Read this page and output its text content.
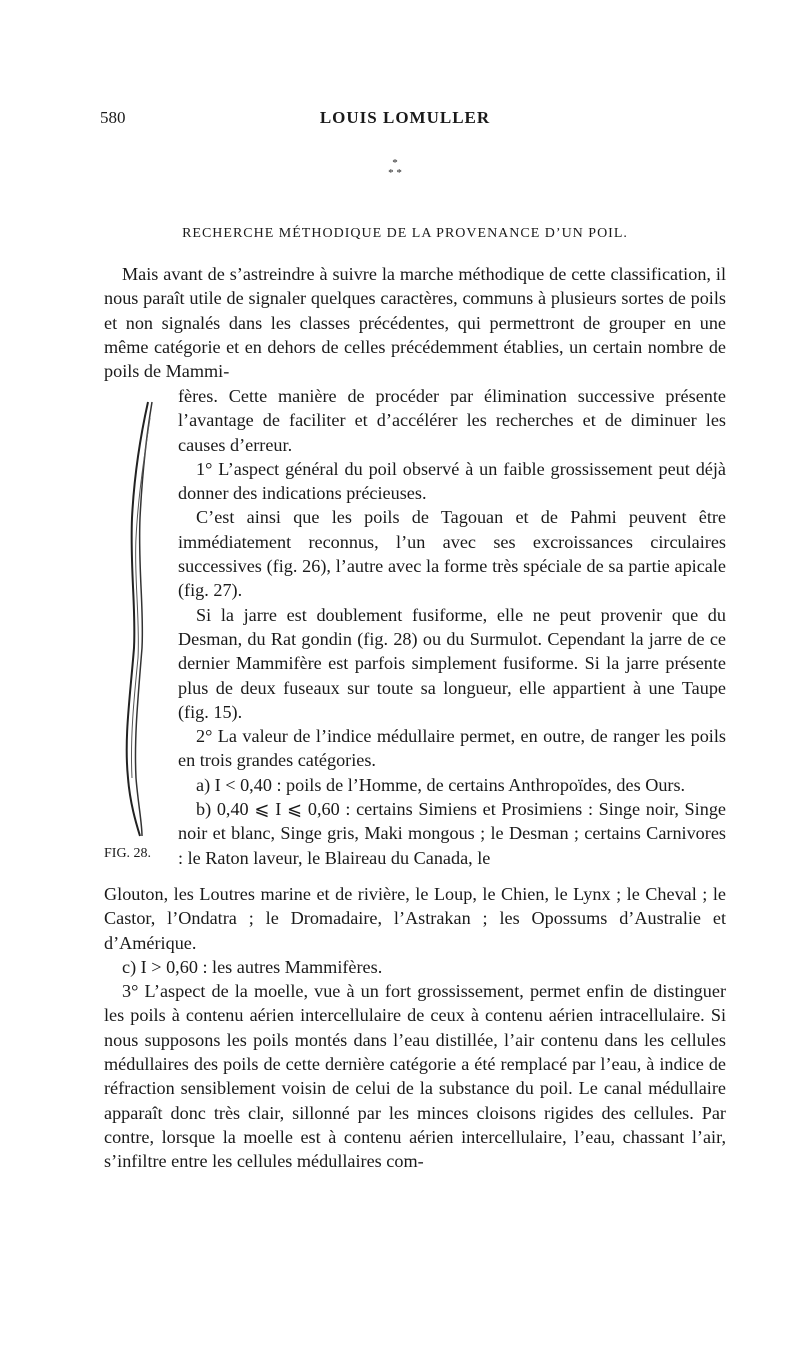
580	LOUIS LOMULLER
*
* *
RECHERCHE MÉTHODIQUE DE LA PROVENANCE D’UN POIL.

Mais avant de s’astreindre à suivre la marche méthodique de cette classification, il nous paraît utile de signaler quelques caractères, communs à plusieurs sortes de poils et non signalés dans les classes précédentes, qui permettront de grouper en une même catégorie et en dehors de celles précédemment établies, un certain nombre de poils de Mammi-

fères. Cette manière de procéder par élimination successive présente l’avantage de faciliter et d’accélérer les recherches et de diminuer les causes d’erreur.

1° L’aspect général du poil observé à un faible grossissement peut déjà donner des indications précieuses.

C’est ainsi que les poils de Tagouan et de Pahmi peuvent être immédiatement reconnus, l’un avec ses excroissances circulaires successives (fig. 26), l’autre avec la forme très spéciale de sa partie apicale (fig. 27).

Si la jarre est doublement fusiforme, elle ne peut provenir que du Desman, du Rat gondin (fig. 28) ou du Surmulot. Cependant la jarre de ce dernier Mammifère est parfois simplement fusiforme. Si la jarre présente plus de deux fuseaux sur toute sa longueur, elle appartient à une Taupe (fig. 15).

2° La valeur de l’indice médullaire permet, en outre, de ranger les poils en trois grandes catégories.

a) I < 0,40 : poils de l’Homme, de certains Anthropoïdes, des Ours.

b) 0,40 ⩽ I ⩽ 0,60 : certains Simiens et Prosimiens : Singe noir, Singe noir et blanc, Singe gris, Maki mongous ; le Desman ; certains Carnivores : le Raton laveur, le Blaireau du Canada, le

Glouton, les Loutres marine et de rivière, le Loup, le Chien, le Lynx ; le Cheval ; le Castor, l’Ondatra ; le Dromadaire, l’Astrakan ; les Opossums d’Australie et d’Amérique.

c) I > 0,60 : les autres Mammifères.

3° L’aspect de la moelle, vue à un fort grossissement, permet enfin de distinguer les poils à contenu aérien intercellulaire de ceux à contenu aérien intracellulaire. Si nous supposons les poils montés dans l’eau distillée, l’air contenu dans les cellules médullaires des poils de cette dernière catégorie a été remplacé par l’eau, à indice de réfraction sensiblement voisin de celui de la substance du poil. Le canal médullaire apparaît donc très clair, sillonné par les minces cloisons rigides des cellules. Par contre, lorsque la moelle est à contenu aérien intercellulaire, l’eau, chassant l’air, s’infiltre entre les cellules médullaires com-

FIG. 28.
